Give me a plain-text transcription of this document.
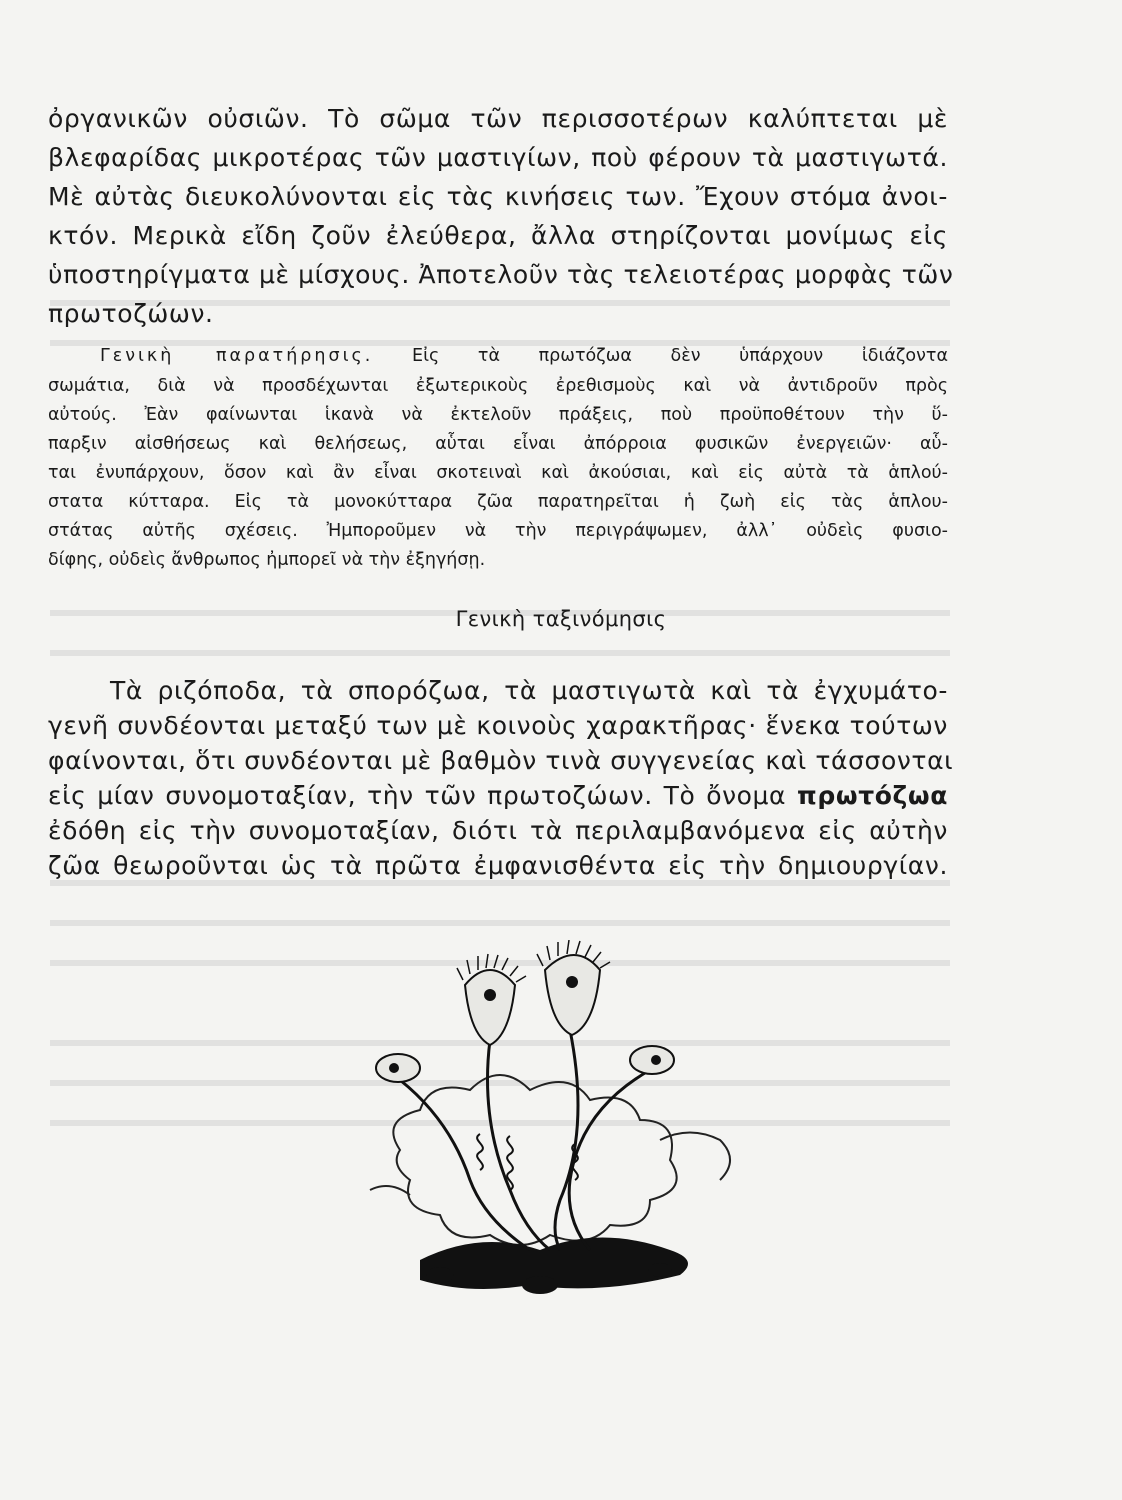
ὀργανικῶν οὐσιῶν. Τὸ σῶμα τῶν περισσοτέρων καλύπτεται μὲ
βλεφαρίδας μικροτέρας τῶν μαστιγίων, ποὺ φέρουν τὰ μαστιγωτά.
Μὲ αὐτὰς διευκολύνονται εἰς τὰς κινήσεις των. Ἔχουν στόμα ἀνοι-
κτόν. Μερικὰ εἴδη ζοῦν ἐλεύθερα, ἄλλα στηρίζονται μονίμως εἰς
ὑποστηρίγματα μὲ μίσχους. Ἀποτελοῦν τὰς τελειοτέρας μορφὰς τῶν
πρωτοζώων.
Γενικὴ παρατήρησις. Εἰς τὰ πρωτόζωα δὲν ὑπάρχουν ἰδιάζοντα
σωμάτια, διὰ νὰ προσδέχωνται ἐξωτερικοὺς ἐρεθισμοὺς καὶ νὰ ἀντιδροῦν πρὸς
αὐτούς. Ἐὰν φαίνωνται ἱκανὰ νὰ ἐκτελοῦν πράξεις, ποὺ προϋποθέτουν τὴν ὕ-
παρξιν αἰσθήσεως καὶ θελήσεως, αὗται εἶναι ἀπόρροια φυσικῶν ἐνεργειῶν· αὗ-
ται ἐνυπάρχουν, ὅσον καὶ ἂν εἶναι σκοτειναὶ καὶ ἀκούσιαι, καὶ εἰς αὐτὰ τὰ ἁπλού-
στατα κύτταρα. Εἰς τὰ μονοκύτταρα ζῶα παρατηρεῖται ἡ ζωὴ εἰς τὰς ἁπλου-
στάτας αὐτῆς σχέσεις. Ἠμποροῦμεν νὰ τὴν περιγράψωμεν, ἀλλ᾽ οὐδεὶς φυσιο-
δίφης, οὐδεὶς ἄνθρωπος ἠμπορεῖ νὰ τὴν ἐξηγήσῃ.
Γενικὴ ταξινόμησις
Τὰ ριζόποδα, τὰ σπορόζωα, τὰ μαστιγωτὰ καὶ τὰ ἐγχυμάτο-
γενῆ συνδέονται μεταξύ των μὲ κοινοὺς χαρακτῆρας· ἕνεκα τούτων
φαίνονται, ὅτι συνδέονται μὲ βαθμὸν τινὰ συγγενείας καὶ τάσσονται
εἰς μίαν συνομοταξίαν, τὴν τῶν πρωτοζώων. Τὸ ὄνομα πρωτόζωα
ἐδόθη εἰς τὴν συνομοταξίαν, διότι τὰ περιλαμβανόμενα εἰς αὐτὴν
ζῶα θεωροῦνται ὡς τὰ πρῶτα ἐμφανισθέντα εἰς τὴν δημιουργίαν.
